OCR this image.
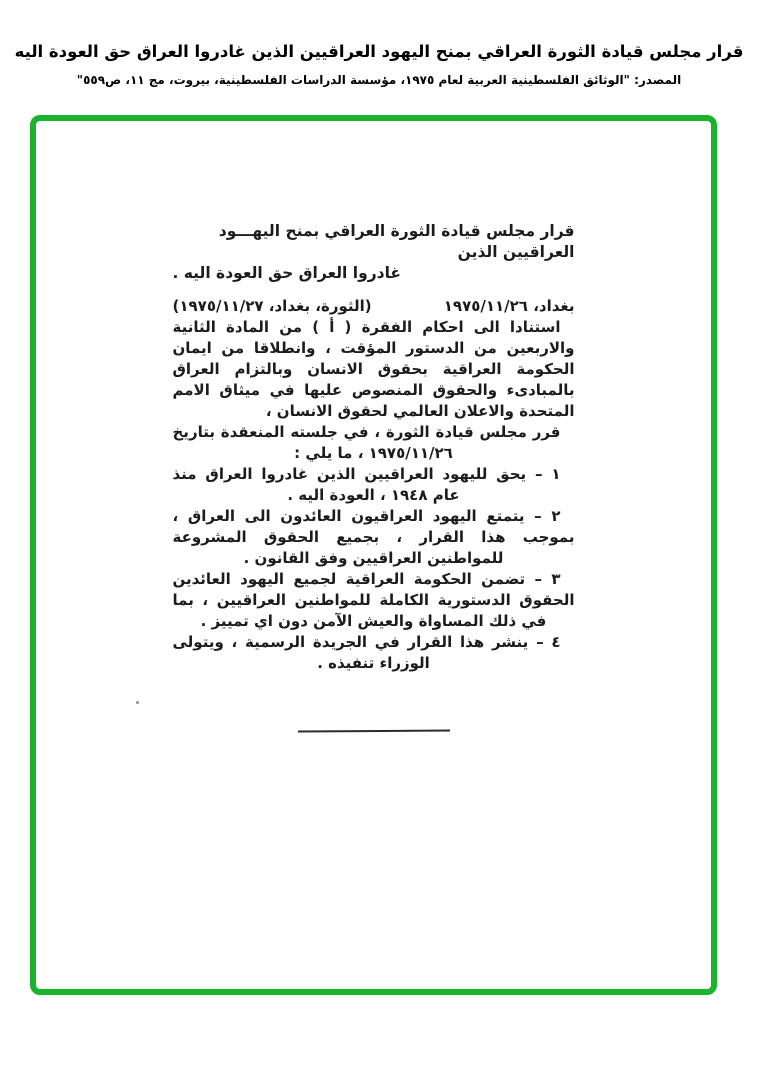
قرار مجلس قيادة الثورة العراقي بمنح اليهود العراقيين الذين غادروا العراق حق العودة اليه
المصدر: "الوثائق الفلسطينية العربية لعام ١٩٧٥، مؤسسة الدراسات الفلسطينية، بيروت، مج ١١، ص٥٥٩"
قرار مجلس قيادة الثورة العراقي بمنح اليهـــود العراقيين الذين
غادروا العراق حق العودة اليه .
بغداد، ١٩٧٥/١١/٢٦
(الثورة، بغداد، ١٩٧٥/١١/٢٧)

استنادا الى احكام الفقرة ( أ ) من المادة الثانية والاربعين من الدستور المؤقت ، وانطلاقا من ايمان الحكومة العراقية بحقوق الانسان وبالتزام العراق بالمبادىء والحقوق المنصوص عليها في ميثاق الامم المتحدة والاعلان العالمي لحقوق الانسان ،

قرر مجلس قيادة الثورة ، في جلسته المنعقدة بتاريخ ١٩٧٥/١١/٢٦ ، ما يلي :

١ – يحق لليهود العراقيين الذين غادروا العراق منذ عام ١٩٤٨ ، العودة اليه .

٢ – يتمتع اليهود العراقيون العائدون الى العراق ، بموجب هذا القرار ، بجميع الحقوق المشروعة للمواطنين العراقيين وفق القانون .

٣ – تضمن الحكومة العراقية لجميع اليهود العائدين الحقوق الدستورية الكاملة للمواطنين العراقيين ، بما في ذلك المساواة والعيش الآمن دون اي تمييز .

٤ – ينشر هذا القرار في الجريدة الرسمية ، ويتولى الوزراء تنفيذه .
